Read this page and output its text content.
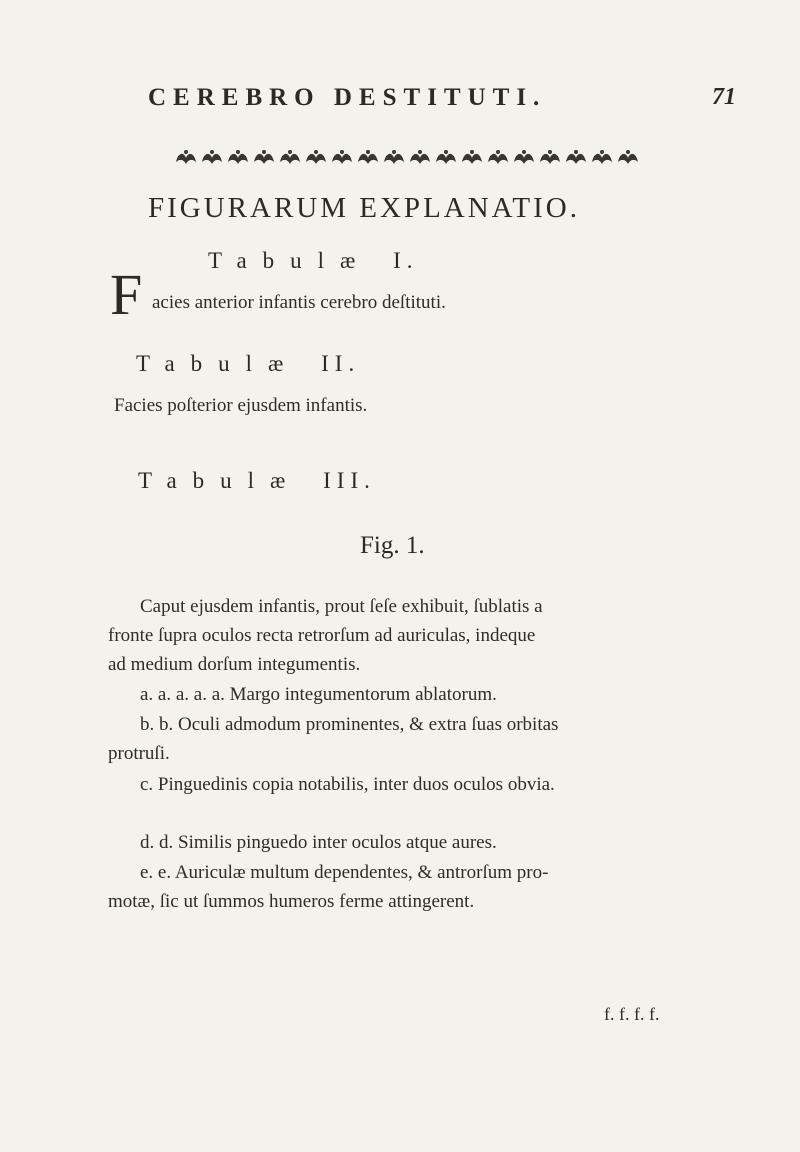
CEREBRO DESTITUTI.	71
FIGURARUM EXPLANATIO.
Tabulæ I.
F acies anterior infantis cerebro deſtituti.
Tabulæ II.
Facies poſterior ejusdem infantis.
Tabulæ III.
Fig. 1.
Caput ejusdem infantis, prout ſeſe exhibuit, ſublatis a
fronte ſupra oculos recta retrorſum ad auriculas, indeque
ad medium dorſum integumentis.
a. a. a. a. a. Margo integumentorum ablatorum.
b. b. Oculi admodum prominentes, & extra ſuas orbitas
protruſi.
c. Pinguedinis copia notabilis, inter duos oculos obvia.
d. d. Similis pinguedo inter oculos atque aures.
e. e. Auriculæ multum dependentes, & antrorſum pro-
motæ, ſic ut ſummos humeros ferme attingerent.
f. f. f. f.
